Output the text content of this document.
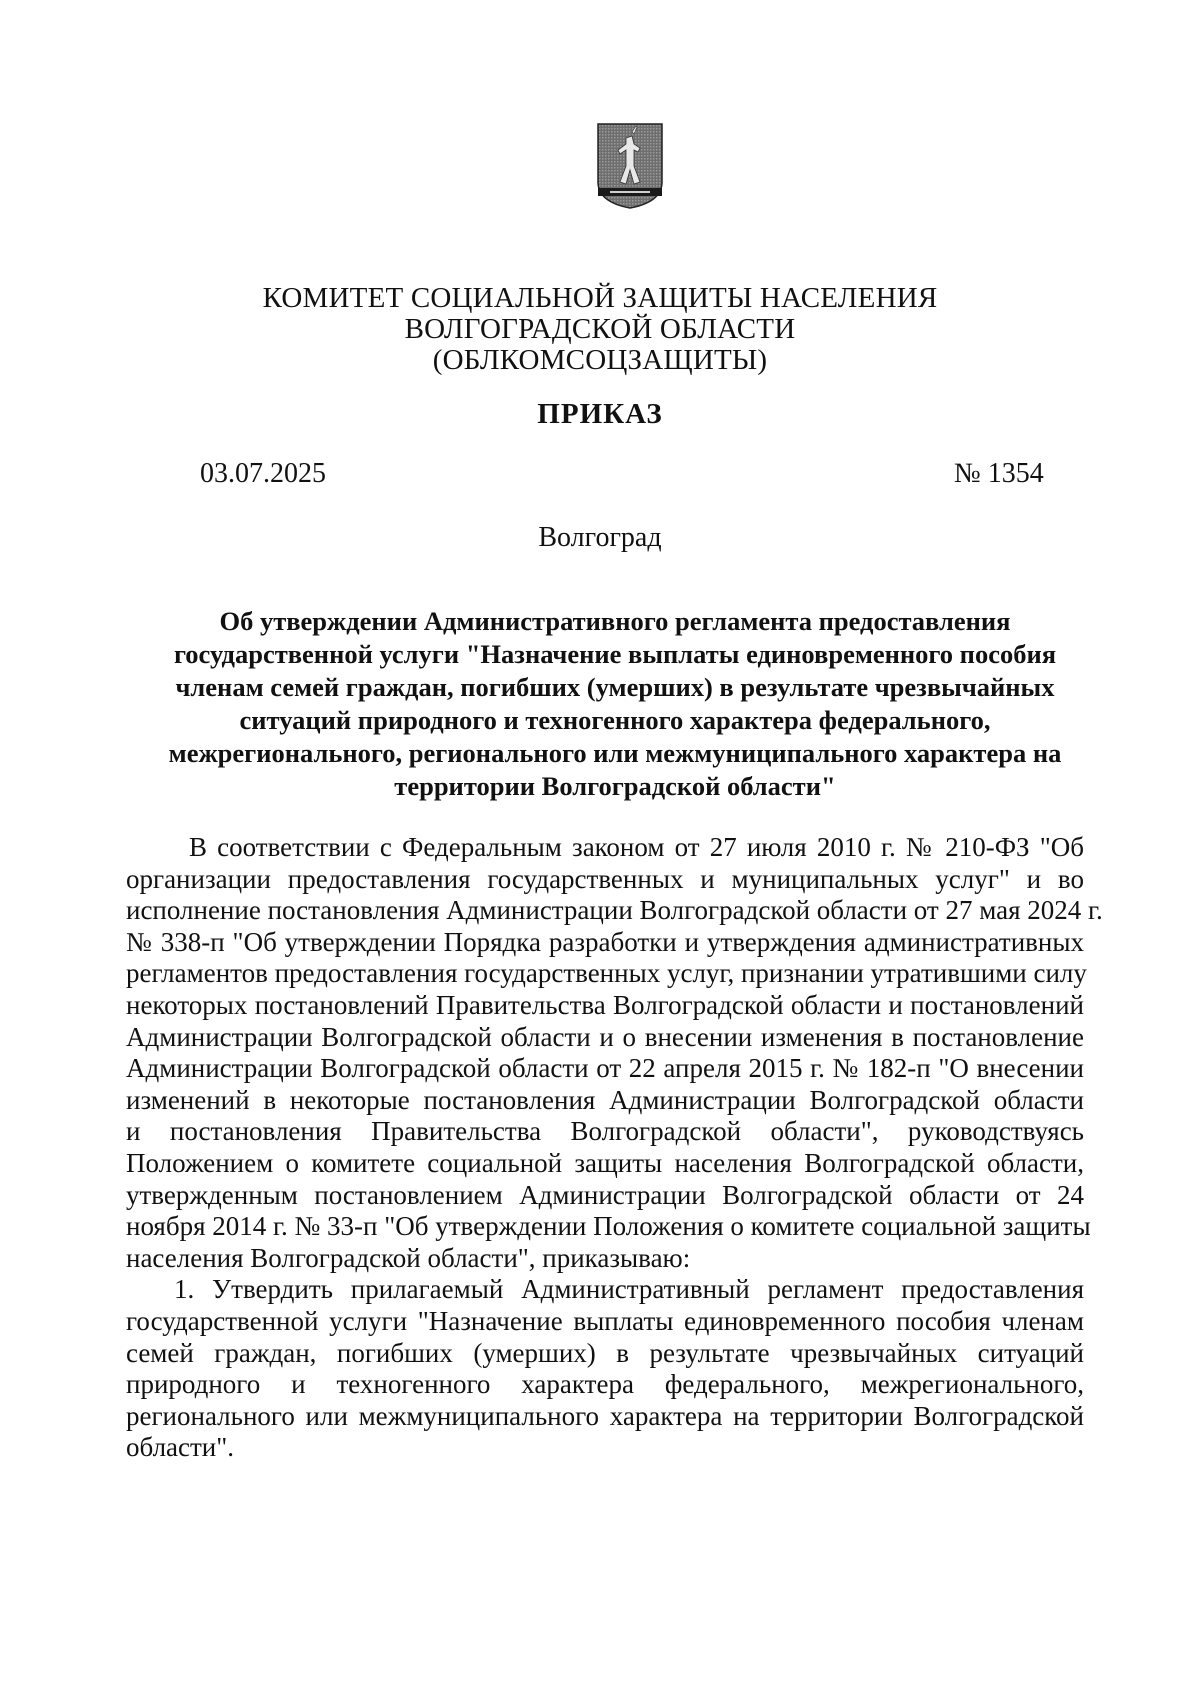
КОМИТЕТ СОЦИАЛЬНОЙ ЗАЩИТЫ НАСЕЛЕНИЯ
ВОЛГОГРАДСКОЙ ОБЛАСТИ
(ОБЛКОМСОЦЗАЩИТЫ)
ПРИКАЗ
03.07.2025	№ 1354
Волгоград
Об утверждении Административного регламента предоставления
государственной услуги "Назначение выплаты единовременного пособия
членам семей граждан, погибших (умерших) в результате чрезвычайных
ситуаций природного и техногенного характера федерального,
межрегионального, регионального или межмуниципального характера на
территории Волгоградской области"
В соответствии с Федеральным законом от 27 июля 2010 г. № 210-ФЗ "Об
организации предоставления государственных и муниципальных услуг" и во
исполнение постановления Администрации Волгоградской области от 27 мая 2024 г.
№ 338-п "Об утверждении Порядка разработки и утверждения административных
регламентов предоставления государственных услуг, признании утратившими силу
некоторых постановлений Правительства Волгоградской области и постановлений
Администрации Волгоградской области и о внесении изменения в постановление
Администрации Волгоградской области от 22 апреля 2015 г. № 182-п "О внесении
изменений в некоторые постановления Администрации Волгоградской области
и постановления Правительства Волгоградской области", руководствуясь
Положением о комитете социальной защиты населения Волгоградской области,
утвержденным постановлением Администрации Волгоградской области от 24
ноября 2014 г. № 33-п "Об утверждении Положения о комитете социальной защиты
населения Волгоградской области", приказываю:
1. Утвердить прилагаемый Административный регламент предоставления
государственной услуги "Назначение выплаты единовременного пособия членам
семей граждан, погибших (умерших) в результате чрезвычайных ситуаций
природного и техногенного характера федерального, межрегионального,
регионального или межмуниципального характера на территории Волгоградской
области".
